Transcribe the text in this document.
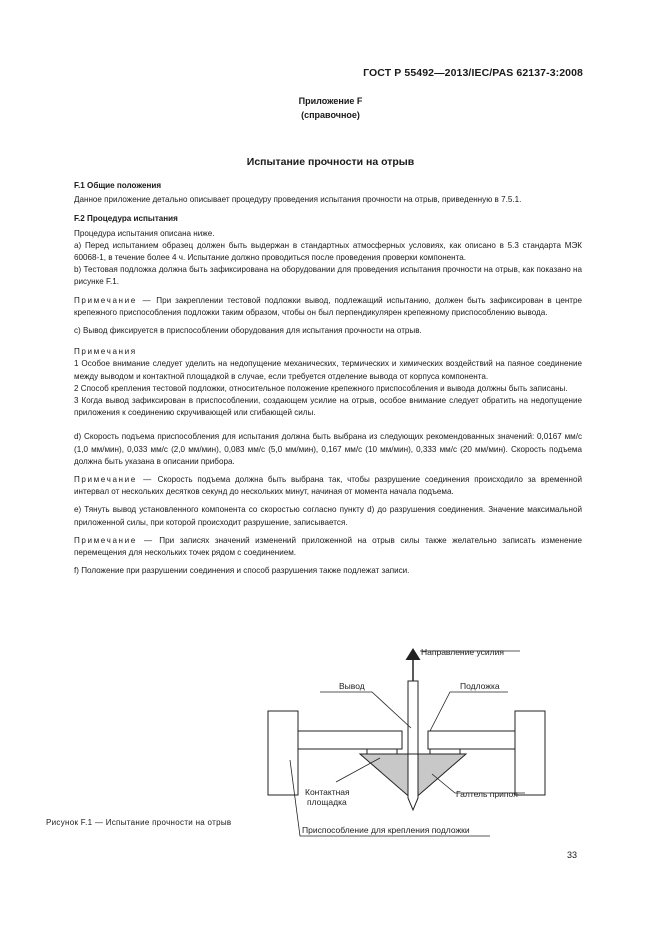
ГОСТ Р 55492—2013/IEC/PAS 62137-3:2008
Приложение F
(справочное)
Испытание прочности на отрыв

F.1 Общие положения

Данное приложение детально описывает процедуру проведения испытания прочности на отрыв, приведенную в 7.5.1.

F.2 Процедура испытания

Процедура испытания описана ниже.

а) Перед испытанием образец должен быть выдержан в стандартных атмосферных условиях, как описано в 5.3 стандарта МЭК 60068-1, в течение более 4 ч. Испытание должно проводиться после проведения проверки компонента.

b) Тестовая подложка должна быть зафиксирована на оборудовании для проведения испытания прочности на отрыв, как показано на рисунке F.1.

Примечание — При закреплении тестовой подложки вывод, подлежащий испытанию, должен быть зафиксирован в центре крепежного приспособления подложки таким образом, чтобы он был перпендикулярен крепежному приспособлению вывода.

c) Вывод фиксируется в приспособлении оборудования для испытания прочности на отрыв.

Примечания

1 Особое внимание следует уделить на недопущение механических, термических и химических воздействий на паяное соединение между выводом и контактной площадкой в случае, если требуется отделение вывода от корпуса компонента.

2 Способ крепления тестовой подложки, относительное положение крепежного приспособления и вывода должны быть записаны.

3 Когда вывод зафиксирован в приспособлении, создающем усилие на отрыв, особое внимание следует обратить на недопущение приложения к соединению скручивающей или сгибающей силы.

d) Скорость подъема приспособления для испытания должна быть выбрана из следующих рекомендованных значений: 0,0167 мм/с (1,0 мм/мин), 0,033 мм/с (2,0 мм/мин), 0,083 мм/с (5,0 мм/мин), 0,167 мм/с (10 мм/мин), 0,333 мм/с (20 мм/мин). Скорость подъема должна быть указана в описании прибора.

Примечание — Скорость подъема должна быть выбрана так, чтобы разрушение соединения происходило за временной интервал от нескольких десятков секунд до нескольких минут, начиная от момента начала подъема.

e) Тянуть вывод установленного компонента со скоростью согласно пункту d) до разрушения соединения. Значение максимальной приложенной силы, при которой происходит разрушение, записывается.

Примечание — При записях значений изменений приложенной на отрыв силы также желательно записать изменение перемещения для нескольких точек рядом с соединением.

f) Положение при разрушении соединения и способ разрушения также подлежат записи.

Направление усилия
Вывод	Подложка
Контактная
площадка
Галтель припоя
Приспособление для крепления подложки
Рисунок F.1 — Испытание прочности на отрыв
33
